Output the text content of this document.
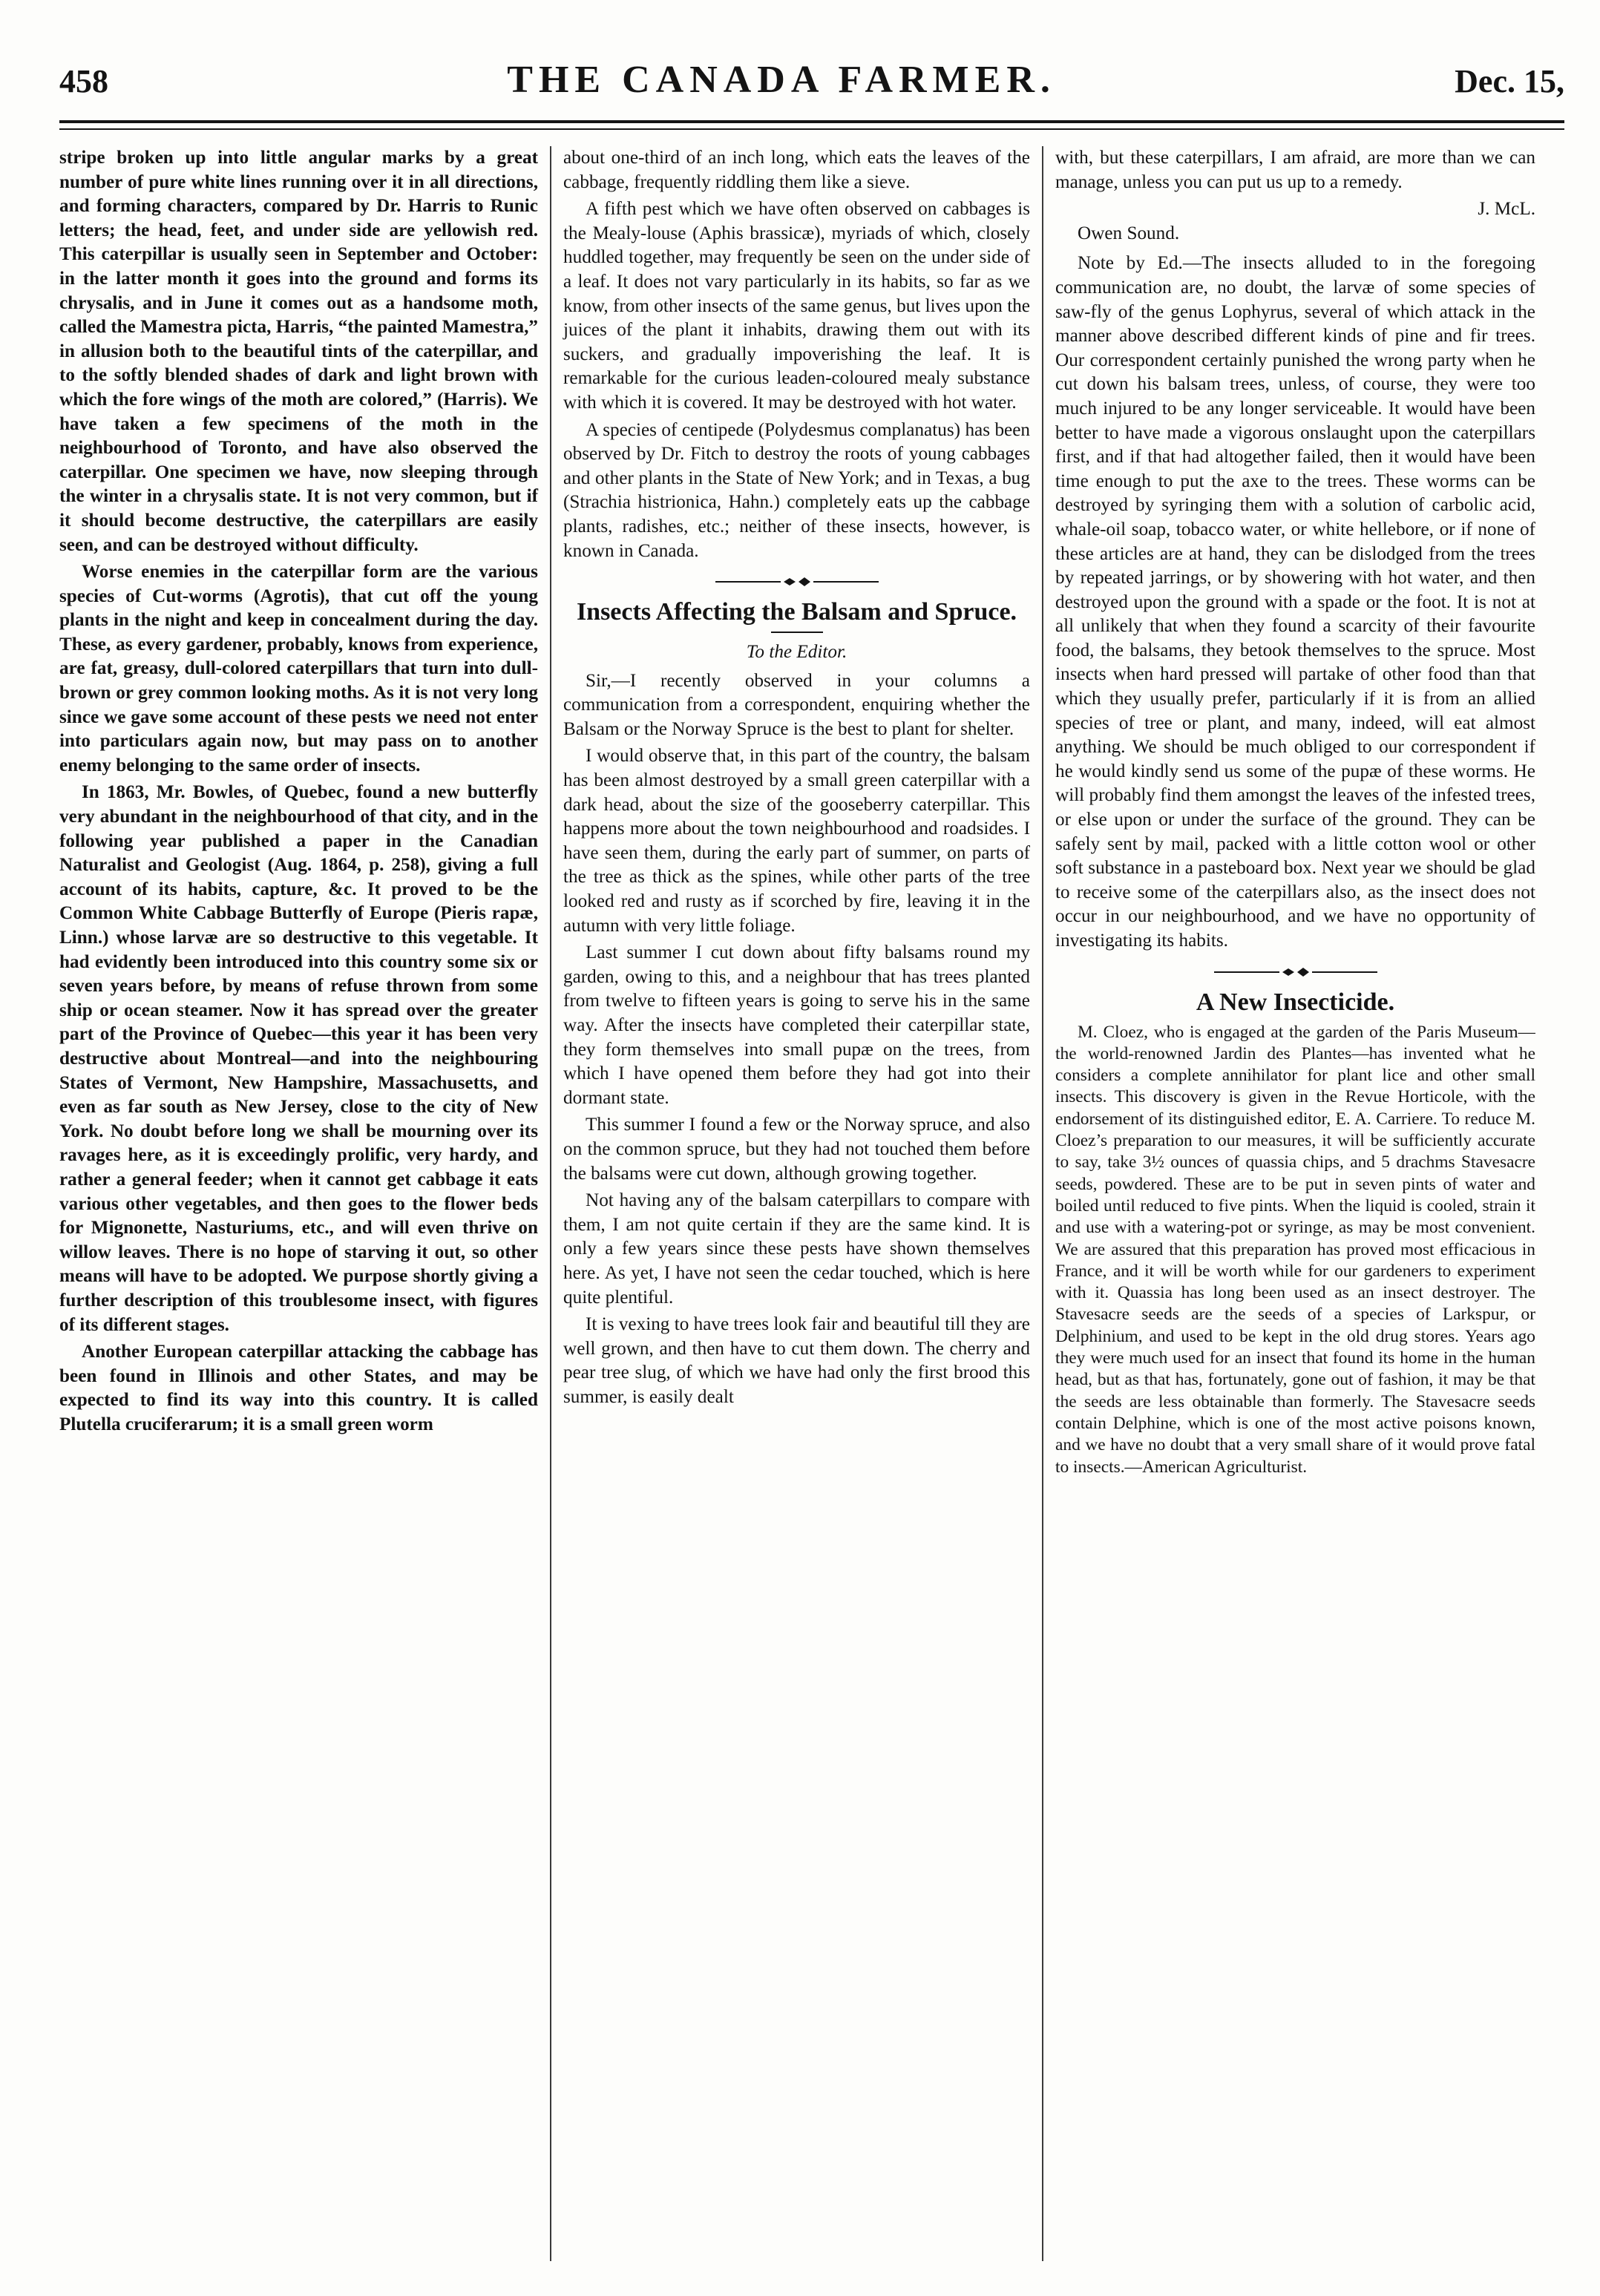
458	THE CANADA FARMER.	Dec. 15,

stripe broken up into little angular marks by a great number of pure white lines running over it in all directions, and forming characters, compared by Dr. Harris to Runic letters; the head, feet, and under side are yellowish red. This caterpillar is usually seen in September and October: in the latter month it goes into the ground and forms its chrysalis, and in June it comes out as a handsome moth, called the Mamestra picta, Harris, “the painted Mamestra,” in allusion both to the beautiful tints of the caterpillar, and to the softly blended shades of dark and light brown with which the fore wings of the moth are colored,” (Harris). We have taken a few specimens of the moth in the neighbourhood of Toronto, and have also observed the caterpillar. One specimen we have, now sleeping through the winter in a chrysalis state. It is not very common, but if it should become destructive, the caterpillars are easily seen, and can be destroyed without difficulty.

Worse enemies in the caterpillar form are the various species of Cut-worms (Agrotis), that cut off the young plants in the night and keep in concealment during the day. These, as every gardener, probably, knows from experience, are fat, greasy, dull-colored caterpillars that turn into dull-brown or grey common looking moths. As it is not very long since we gave some account of these pests we need not enter into particulars again now, but may pass on to another enemy belonging to the same order of insects.

In 1863, Mr. Bowles, of Quebec, found a new butterfly very abundant in the neighbourhood of that city, and in the following year published a paper in the Canadian Naturalist and Geologist (Aug. 1864, p. 258), giving a full account of its habits, capture, &c. It proved to be the Common White Cabbage Butterfly of Europe (Pieris rapæ, Linn.) whose larvæ are so destructive to this vegetable. It had evidently been introduced into this country some six or seven years before, by means of refuse thrown from some ship or ocean steamer. Now it has spread over the greater part of the Province of Quebec—this year it has been very destructive about Montreal—and into the neighbouring States of Vermont, New Hampshire, Massachusetts, and even as far south as New Jersey, close to the city of New York. No doubt before long we shall be mourning over its ravages here, as it is exceedingly prolific, very hardy, and rather a general feeder; when it cannot get cabbage it eats various other vegetables, and then goes to the flower beds for Mignonette, Nasturiums, etc., and will even thrive on willow leaves. There is no hope of starving it out, so other means will have to be adopted. We purpose shortly giving a further description of this troublesome insect, with figures of its different stages.

Another European caterpillar attacking the cabbage has been found in Illinois and other States, and may be expected to find its way into this country. It is called Plutella cruciferarum; it is a small green worm

about one-third of an inch long, which eats the leaves of the cabbage, frequently riddling them like a sieve.

A fifth pest which we have often observed on cabbages is the Mealy-louse (Aphis brassicæ), myriads of which, closely huddled together, may frequently be seen on the under side of a leaf. It does not vary particularly in its habits, so far as we know, from other insects of the same genus, but lives upon the juices of the plant it inhabits, drawing them out with its suckers, and gradually impoverishing the leaf. It is remarkable for the curious leaden-coloured mealy substance with which it is covered. It may be destroyed with hot water.

A species of centipede (Polydesmus complanatus) has been observed by Dr. Fitch to destroy the roots of young cabbages and other plants in the State of New York; and in Texas, a bug (Strachia histrionica, Hahn.) completely eats up the cabbage plants, radishes, etc.; neither of these insects, however, is known in Canada.

Insects Affecting the Balsam and Spruce.

To the Editor.

Sir,—I recently observed in your columns a communication from a correspondent, enquiring whether the Balsam or the Norway Spruce is the best to plant for shelter.

I would observe that, in this part of the country, the balsam has been almost destroyed by a small green caterpillar with a dark head, about the size of the gooseberry caterpillar. This happens more about the town neighbourhood and roadsides. I have seen them, during the early part of summer, on parts of the tree as thick as the spines, while other parts of the tree looked red and rusty as if scorched by fire, leaving it in the autumn with very little foliage.

Last summer I cut down about fifty balsams round my garden, owing to this, and a neighbour that has trees planted from twelve to fifteen years is going to serve his in the same way. After the insects have completed their caterpillar state, they form themselves into small pupæ on the trees, from which I have opened them before they had got into their dormant state.

This summer I found a few or the Norway spruce, and also on the common spruce, but they had not touched them before the balsams were cut down, although growing together.

Not having any of the balsam caterpillars to compare with them, I am not quite certain if they are the same kind. It is only a few years since these pests have shown themselves here. As yet, I have not seen the cedar touched, which is here quite plentiful.

It is vexing to have trees look fair and beautiful till they are well grown, and then have to cut them down. The cherry and pear tree slug, of which we have had only the first brood this summer, is easily dealt

with, but these caterpillars, I am afraid, are more than we can manage, unless you can put us up to a remedy.

J. McL.

Owen Sound.

Note by Ed.—The insects alluded to in the foregoing communication are, no doubt, the larvæ of some species of saw-fly of the genus Lophyrus, several of which attack in the manner above described different kinds of pine and fir trees. Our correspondent certainly punished the wrong party when he cut down his balsam trees, unless, of course, they were too much injured to be any longer serviceable. It would have been better to have made a vigorous onslaught upon the caterpillars first, and if that had altogether failed, then it would have been time enough to put the axe to the trees. These worms can be destroyed by syringing them with a solution of carbolic acid, whale-oil soap, tobacco water, or white hellebore, or if none of these articles are at hand, they can be dislodged from the trees by repeated jarrings, or by showering with hot water, and then destroyed upon the ground with a spade or the foot. It is not at all unlikely that when they found a scarcity of their favourite food, the balsams, they betook themselves to the spruce. Most insects when hard pressed will partake of other food than that which they usually prefer, particularly if it is from an allied species of tree or plant, and many, indeed, will eat almost anything. We should be much obliged to our correspondent if he would kindly send us some of the pupæ of these worms. He will probably find them amongst the leaves of the infested trees, or else upon or under the surface of the ground. They can be safely sent by mail, packed with a little cotton wool or other soft substance in a pasteboard box. Next year we should be glad to receive some of the caterpillars also, as the insect does not occur in our neighbourhood, and we have no opportunity of investigating its habits.

A New Insecticide.

M. Cloez, who is engaged at the garden of the Paris Museum—the world-renowned Jardin des Plantes—has invented what he considers a complete annihilator for plant lice and other small insects. This discovery is given in the Revue Horticole, with the endorsement of its distinguished editor, E. A. Carriere. To reduce M. Cloez’s preparation to our measures, it will be sufficiently accurate to say, take 3½ ounces of quassia chips, and 5 drachms Stavesacre seeds, powdered. These are to be put in seven pints of water and boiled until reduced to five pints. When the liquid is cooled, strain it and use with a watering-pot or syringe, as may be most convenient. We are assured that this preparation has proved most efficacious in France, and it will be worth while for our gardeners to experiment with it. Quassia has long been used as an insect destroyer. The Stavesacre seeds are the seeds of a species of Larkspur, or Delphinium, and used to be kept in the old drug stores. Years ago they were much used for an insect that found its home in the human head, but as that has, fortunately, gone out of fashion, it may be that the seeds are less obtainable than formerly. The Stavesacre seeds contain Delphine, which is one of the most active poisons known, and we have no doubt that a very small share of it would prove fatal to insects.—American Agriculturist.
